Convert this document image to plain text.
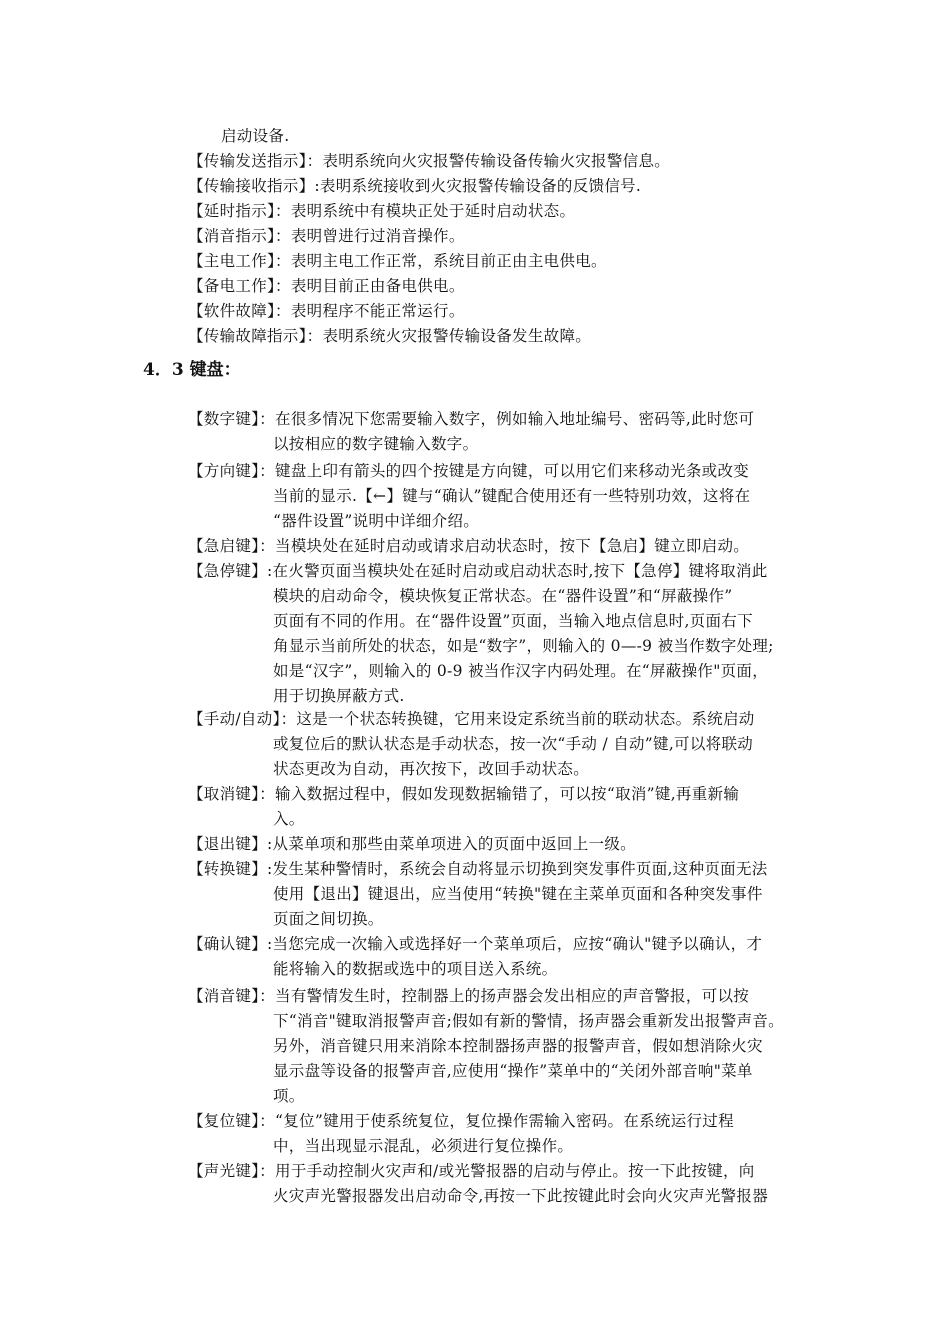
启动设备.
【传输发送指示】：表明系统向火灾报警传输设备传输火灾报警信息。
【传输接收指示】:表明系统接收到火灾报警传输设备的反馈信号.
【延时指示】：表明系统中有模块正处于延时启动状态。
【消音指示】：表明曾进行过消音操作。
【主电工作】：表明主电工作正常，系统目前正由主电供电。
【备电工作】：表明目前正由备电供电。
【软件故障】：表明程序不能正常运行。
【传输故障指示】：表明系统火灾报警传输设备发生故障。
4．3 键盘：
【数字键】：在很多情况下您需要输入数字，例如输入地址编号、密码等,此时您可
以按相应的数字键输入数字。
【方向键】：键盘上印有箭头的四个按键是方向键，可以用它们来移动光条或改变
当前的显示.【←】键与“确认”键配合使用还有一些特别功效，这将在
“器件设置”说明中详细介绍。
【急启键】：当模块处在延时启动或请求启动状态时，按下【急启】键立即启动。
【急停键】:在火警页面当模块处在延时启动或启动状态时,按下【急停】键将取消此
模块的启动命令，模块恢复正常状态。在“器件设置”和“屏蔽操作”
页面有不同的作用。在“器件设置”页面，当输入地点信息时,页面右下
角显示当前所处的状态，如是“数字”，则输入的 0—-9 被当作数字处理;
如是“汉字”，则输入的 0-9 被当作汉字内码处理。在“屏蔽操作"页面，
用于切换屏蔽方式.
【手动/自动】：这是一个状态转换键，它用来设定系统当前的联动状态。系统启动
或复位后的默认状态是手动状态，按一次“手动 / 自动”键,可以将联动
状态更改为自动，再次按下，改回手动状态。
【取消键】：输入数据过程中，假如发现数据输错了，可以按“取消”键,再重新输
入。
【退出键】:从菜单项和那些由菜单项进入的页面中返回上一级。
【转换键】:发生某种警情时，系统会自动将显示切换到突发事件页面,这种页面无法
使用【退出】键退出，应当使用“转换"键在主菜单页面和各种突发事件
页面之间切换。
【确认键】:当您完成一次输入或选择好一个菜单项后，应按“确认"键予以确认，才
能将输入的数据或选中的项目送入系统。
【消音键】：当有警情发生时，控制器上的扬声器会发出相应的声音警报，可以按
下“消音"键取消报警声音;假如有新的警情，扬声器会重新发出报警声音。
另外，消音键只用来消除本控制器扬声器的报警声音，假如想消除火灾
显示盘等设备的报警声音,应使用“操作”菜单中的“关闭外部音响"菜单
项。
【复位键】：“复位”键用于使系统复位，复位操作需输入密码。在系统运行过程
中，当出现显示混乱，必须进行复位操作。
【声光键】：用于手动控制火灾声和/或光警报器的启动与停止。按一下此按键，向
火灾声光警报器发出启动命令,再按一下此按键此时会向火灾声光警报器
